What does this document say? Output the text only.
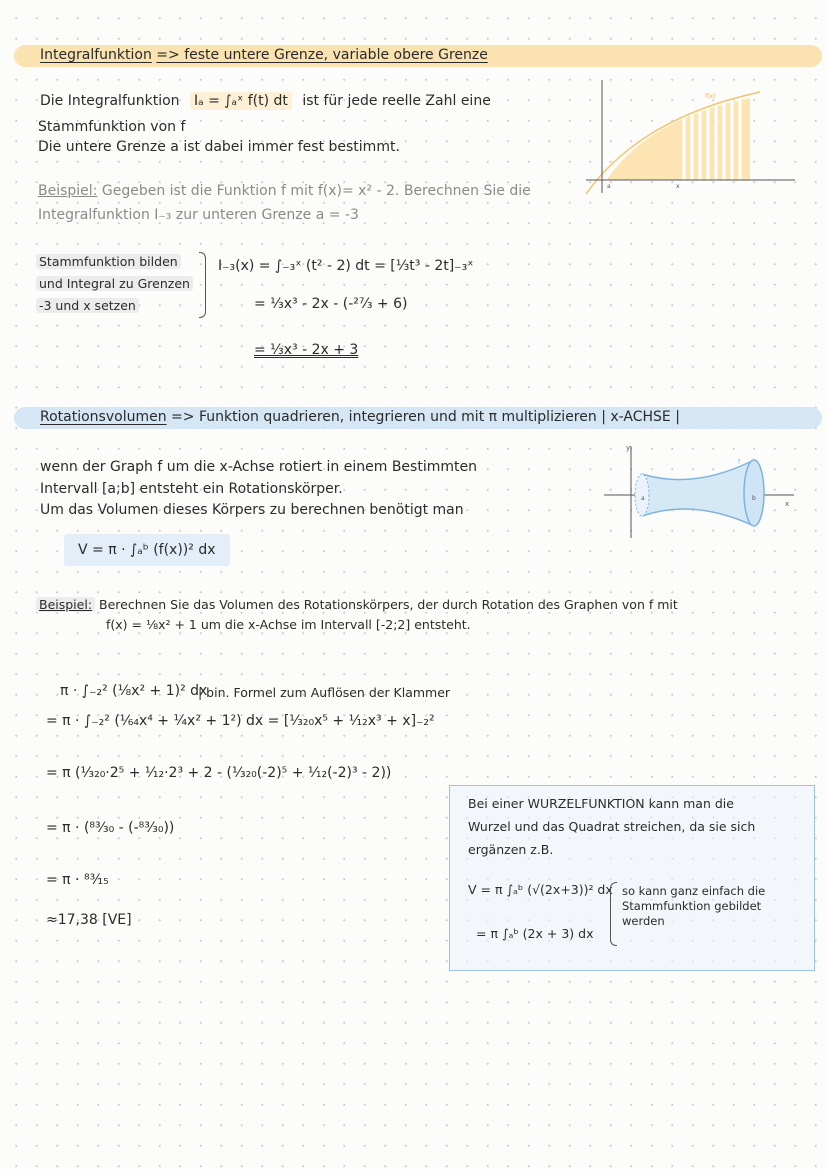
Integralfunktion => feste untere Grenze, variable obere Grenze
Die Integralfunktion Iₐ = ∫ₐˣ f(t) dt ist für jede reelle Zahl eine
Stammfunktion von f
Die untere Grenze a ist dabei immer fest bestimmt.
f(x)
a	x
Beispiel: Gegeben ist die Funktion f mit f(x)= x² - 2. Berechnen Sie die
Integralfunktion I₋₃ zur unteren Grenze a = -3
Stammfunktion bilden
und Integral zu Grenzen
-3 und x setzen
I₋₃(x) = ∫₋₃ˣ (t² - 2) dt = [⅓t³ - 2t]₋₃ˣ
= ⅓x³ - 2x - (-²⁷⁄₃ + 6)
= ⅓x³ - 2x + 3
Rotationsvolumen => Funktion quadrieren, integrieren und mit π multiplizieren | x-ACHSE |
wenn der Graph f um die x-Achse rotiert in einem Bestimmten
Intervall [a;b] entsteht ein Rotationskörper.
Um das Volumen dieses Körpers zu berechnen benötigt man
V = π · ∫ₐᵇ (f(x))² dx
y
x
a	b
f
Beispiel: Berechnen Sie das Volumen des Rotationskörpers, der durch Rotation des Graphen von f mit
f(x) = ⅛x² + 1 um die x-Achse im Intervall [-2;2] entsteht.
π · ∫₋₂² (⅛x² + 1)² dx
| bin. Formel zum Auflösen der Klammer
= π · ∫₋₂² (¹⁄₆₄x⁴ + ¼x² + 1²) dx = [¹⁄₃₂₀x⁵ + ¹⁄₁₂x³ + x]₋₂²
= π (¹⁄₃₂₀·2⁵ + ¹⁄₁₂·2³ + 2 - (¹⁄₃₂₀(-2)⁵ + ¹⁄₁₂(-2)³ - 2))
= π · (⁸³⁄₃₀ - (-⁸³⁄₃₀))
= π · ⁸³⁄₁₅
≈17,38 [VE]
Bei einer WURZELFUNKTION kann man die
Wurzel und das Quadrat streichen, da sie sich
ergänzen z.B.
V = π ∫ₐᵇ (√(2x+3))² dx
= π ∫ₐᵇ (2x + 3) dx
so kann ganz einfach die
Stammfunktion gebildet
werden
